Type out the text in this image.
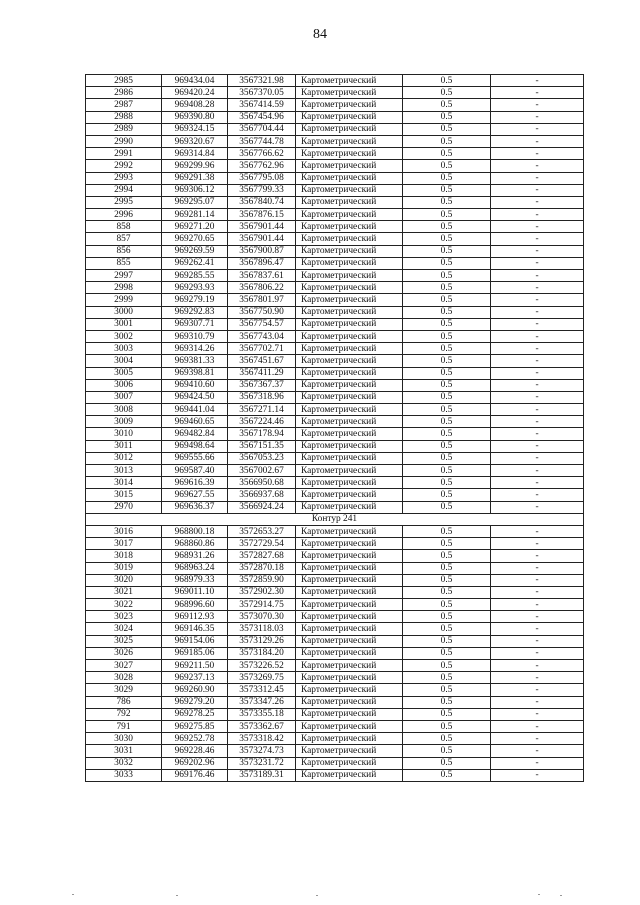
84
2985	969434.04	3567321.98	Картометрический	0.5	-
2986	969420.24	3567370.05	Картометрический	0.5	-
2987	969408.28	3567414.59	Картометрический	0.5	-
2988	969390.80	3567454.96	Картометрический	0.5	-
2989	969324.15	3567704.44	Картометрический	0.5	-
2990	969320.67	3567744.78	Картометрический	0.5	-
2991	969314.84	3567766.62	Картометрический	0.5	-
2992	969299.96	3567762.96	Картометрический	0.5	-
2993	969291.38	3567795.08	Картометрический	0.5	-
2994	969306.12	3567799.33	Картометрический	0.5	-
2995	969295.07	3567840.74	Картометрический	0.5	-
2996	969281.14	3567876.15	Картометрический	0.5	-
858	969271.20	3567901.44	Картометрический	0.5	-
857	969270.65	3567901.44	Картометрический	0.5	-
856	969269.59	3567900.87	Картометрический	0.5	-
855	969262.41	3567896.47	Картометрический	0.5	-
2997	969285.55	3567837.61	Картометрический	0.5	-
2998	969293.93	3567806.22	Картометрический	0.5	-
2999	969279.19	3567801.97	Картометрический	0.5	-
3000	969292.83	3567750.90	Картометрический	0.5	-
3001	969307.71	3567754.57	Картометрический	0.5	-
3002	969310.79	3567743.04	Картометрический	0.5	-
3003	969314.26	3567702.71	Картометрический	0.5	-
3004	969381.33	3567451.67	Картометрический	0.5	-
3005	969398.81	3567411.29	Картометрический	0.5	-
3006	969410.60	3567367.37	Картометрический	0.5	-
3007	969424.50	3567318.96	Картометрический	0.5	-
3008	969441.04	3567271.14	Картометрический	0.5	-
3009	969460.65	3567224.46	Картометрический	0.5	-
3010	969482.84	3567178.94	Картометрический	0.5	-
3011	969498.64	3567151.35	Картометрический	0.5	-
3012	969555.66	3567053.23	Картометрический	0.5	-
3013	969587.40	3567002.67	Картометрический	0.5	-
3014	969616.39	3566950.68	Картометрический	0.5	-
3015	969627.55	3566937.68	Картометрический	0.5	-
2970	969636.37	3566924.24	Картометрический	0.5	-
Контур 241					
3016	968800.18	3572653.27	Картометрический	0.5	-
3017	968860.86	3572729.54	Картометрический	0.5	-
3018	968931.26	3572827.68	Картометрический	0.5	-
3019	968963.24	3572870.18	Картометрический	0.5	-
3020	968979.33	3572859.90	Картометрический	0.5	-
3021	969011.10	3572902.30	Картометрический	0.5	-
3022	968996.60	3572914.75	Картометрический	0.5	-
3023	969112.93	3573070.30	Картометрический	0.5	-
3024	969146.35	3573118.03	Картометрический	0.5	-
3025	969154.06	3573129.26	Картометрический	0.5	-
3026	969185.06	3573184.20	Картометрический	0.5	-
3027	969211.50	3573226.52	Картометрический	0.5	-
3028	969237.13	3573269.75	Картометрический	0.5	-
3029	969260.90	3573312.45	Картометрический	0.5	-
786	969279.20	3573347.26	Картометрический	0.5	-
792	969278.25	3573355.18	Картометрический	0.5	-
791	969275.85	3573362.67	Картометрический	0.5	-
3030	969252.78	3573318.42	Картометрический	0.5	-
3031	969228.46	3573274.73	Картометрический	0.5	-
3032	969202.96	3573231.72	Картометрический	0.5	-
3033	969176.46	3573189.31	Картометрический	0.5	-
